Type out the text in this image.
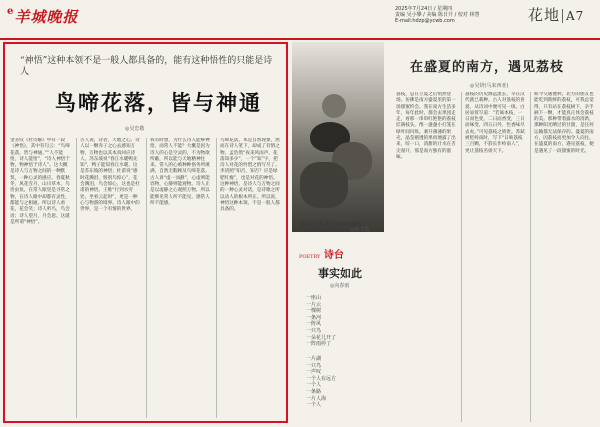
$^e$羊城晚报	2025年7月24日 / 星期四
责编 吴小攀 / 美编 陈日升 / 校对 林慧
E-mail:hdzp@ycwb.com	花地 A7
“神悟”这种本领不是一般人都具备的，能有这种悟性的只能是诗人
鸟啼花落，皆与神通
◎吴忠敬
金圣叹《杜诗解》中有一段《神悟》，其中有句云：“鸟啼花落，皆与神通。”“人不能悟，诗人能悟”，“诗人神悟于物，物神悟于诗人”。这大概是诗人与万物之间的一种默契，一种心灵的感应。春夏秋冬，风花雪月，山川草木，鸟兽虫鱼，在常人眼里是寻常之物，在诗人眼中却都有灵性，都能与之相通。所以诗人看花，花会笑；诗人听鸟，鸟会语；诗人望月，月会思。这就是所谓“神悟”。
古人说，诗者，天地之心。诗人以一颗赤子之心去感知万物，万物也以其本真回应诗人。苏东坡说“春江水暖鸭先知”，鸭子能知春江水暖，这是苏东坡的神悟；杜甫说“感时花溅泪，恨别鸟惊心”，花会溅泪，鸟会惊心，这也是杜甫的神悟。王维“行到水穷处，坐看云起时”，更是一种心与物游的境界。诗人眼中的世界，是一个有情的世界。
我有时想，为什么诗人能够神悟，而常人不能？大概是因为诗人的心是空灵的，不为物欲所蔽，所以能与天地精神往来。常人的心被种种俗务所填满，自然无暇顾及鸟啼花落。古人讲“虚一而静”，心虚则能容物，心静则能观物。诗人正是以虚静之心观照万物，所以能够见常人所不能见，感常人所不能感。
鸟啼花落，本是自然现象，然而在诗人笔下，却成了有情之物。孟浩然“夜来风雨声，花落知多少”，一个“知”字，把诗人对花的怜惜之情写尽了。李清照“知否，知否？应是绿肥红瘦”，也是对花的神悟。这种神悟，是诗人与万物之间的一种心灵对话，是诗歌之所以动人的根本所在。所以说，神悟这种本领，不是一般人都具备的。
赏心且看太行山(中国画)
◎贾文瑞
在盛夏的南方，遇见荔枝
◎吴妍(马来西亚)
荔枝，总在立夏之后悄然登场。仿佛是南方盛夏里的第一场甜蜜约会。我在南方生活多年，每年此时，都会去果园走走，看那一串串红艳艳的荔枝挂满枝头，像一盏盏小灯笼在绿叶间闪烁。剥开薄薄的果壳，晶莹剔透的果肉便露了出来，咬一口，清甜的汁水在舌尖漫开，那是南方独有的滋味。
荔枝的历史源远流长，早在汉代就已栽种。古人对荔枝的喜爱，从诗词中便可见一斑。白居易曾写道：“若离本枝，一日而色变，二日而香变，三日而味变，四五日外，色香味尽去矣。”可见荔枝之娇贵。苏轼被贬岭南时，写下“日啖荔枝三百颗，不辞长作岭南人”，更让荔枝名扬天下。
如今交通便利，北方的朋友也能吃到新鲜的荔枝，可我总觉得，只有站在荔枝树下，亲手摘下一颗，才能真正体会荔枝的美。那种带着露水的清新，那种阳光晒过的甘甜，是任何运输都无法保存的。盛夏的南方，因荔枝而更加令人向往。在盛夏的南方，遇见荔枝，便是遇见了一段甜蜜的时光。
POETRY 诗台
事实如此
◎向春雨
一座山
一片云
一棵树
一条河
一阵风
一只鸟
一朵花儿开了
一阵雨停了
一片湖
一只鸟
一声叹
一个人在远方
一个人
一条路
一片人海
一个人
